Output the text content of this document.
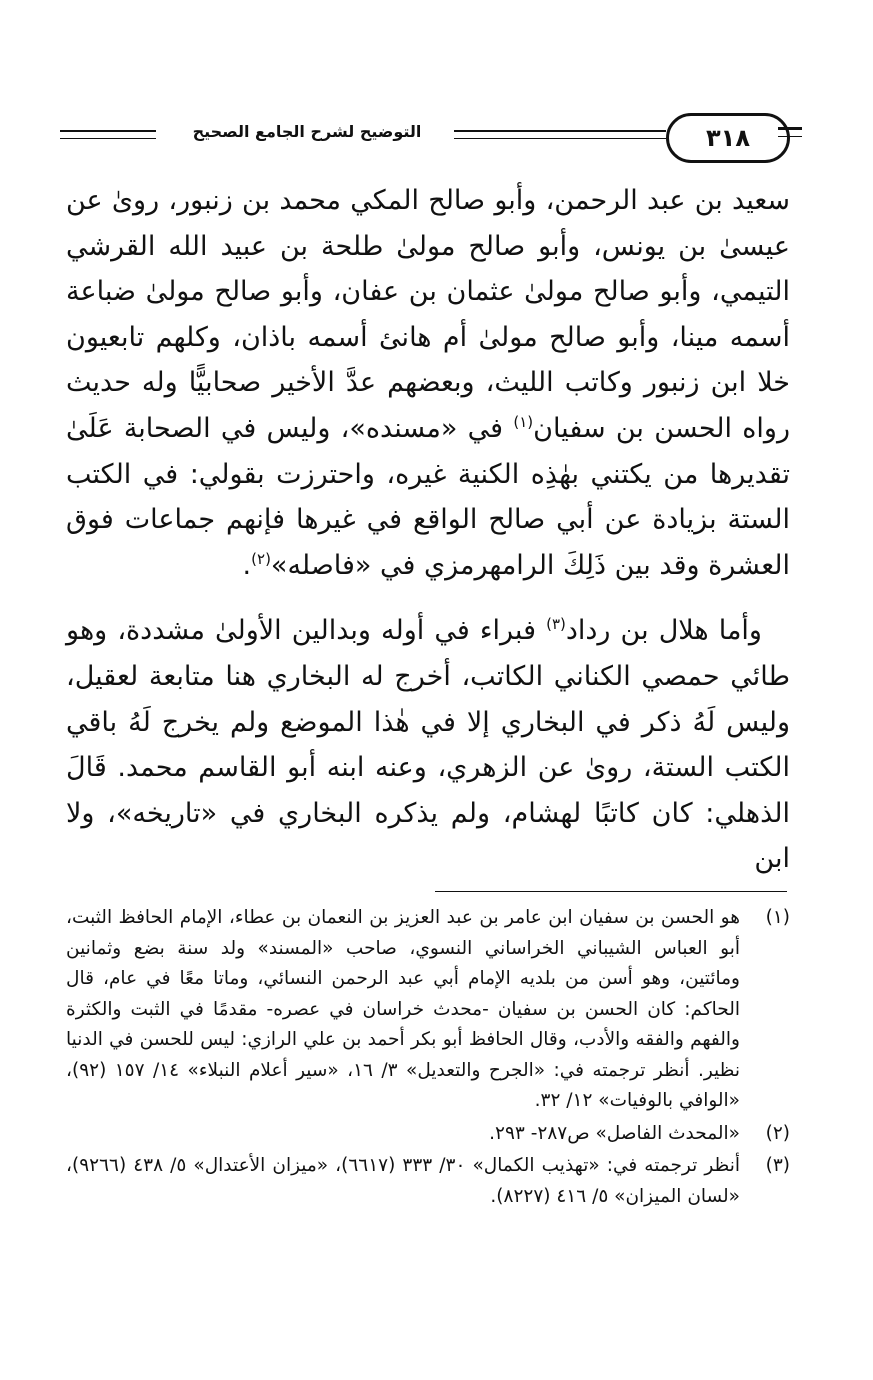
التوضيح لشرح الجامع الصحيح	٣١٨

سعيد بن عبد الرحمن، وأبو صالح المكي محمد بن زنبور، روىٰ عن عيسىٰ بن يونس، وأبو صالح مولىٰ طلحة بن عبيد الله القرشي التيمي، وأبو صالح مولىٰ عثمان بن عفان، وأبو صالح مولىٰ ضباعة أسمه مينا، وأبو صالح مولىٰ أم هانئ أسمه باذان، وكلهم تابعيون خلا ابن زنبور وكاتب الليث، وبعضهم عدَّ الأخير صحابيًّا وله حديث رواه الحسن بن سفيان$^{(١)}$ في «مسنده»، وليس في الصحابة عَلَىٰ تقديرها من يكتني بهٰذِه الكنية غيره، واحترزت بقولي: في الكتب الستة بزيادة عن أبي صالح الواقع في غيرها فإنهم جماعات فوق العشرة وقد بين ذَلِكَ الرامهرمزي في «فاصله»$^{(٢)}$.

وأما هلال بن رداد$^{(٣)}$ فبراء في أوله وبدالين الأولىٰ مشددة، وهو طائي حمصي الكناني الكاتب، أخرج له البخاري هنا متابعة لعقيل، وليس لَهُ ذكر في البخاري إلا في هٰذا الموضع ولم يخرج لَهُ باقي الكتب الستة، روىٰ عن الزهري، وعنه ابنه أبو القاسم محمد. قَالَ الذهلي: كان كاتبًا لهشام، ولم يذكره البخاري في «تاريخه»، ولا ابن

(١)
هو الحسن بن سفيان ابن عامر بن عبد العزيز بن النعمان بن عطاء، الإمام الحافظ الثبت، أبو العباس الشيباني الخراساني النسوي، صاحب «المسند» ولد سنة بضع وثمانين ومائتين، وهو أسن من بلديه الإمام أبي عبد الرحمن النسائي، وماتا معًا في عام، قال الحاكم: كان الحسن بن سفيان -محدث خراسان في عصره- مقدمًا في الثبت والكثرة والفهم والفقه والأدب، وقال الحافظ أبو بكر أحمد بن علي الرازي: ليس للحسن في الدنيا نظير. أنظر ترجمته في: «الجرح والتعديل» ٣/ ١٦، «سير أعلام النبلاء» ١٤/ ١٥٧ (٩٢)، «الوافي بالوفيات» ١٢/ ٣٢.

(٢)
«المحدث الفاصل» ص٢٨٧- ٢٩٣.

(٣)
أنظر ترجمته في: «تهذيب الكمال» ٣٠/ ٣٣٣ (٦٦١٧)، «ميزان الأعتدال» ٥/ ٤٣٨ (٩٢٦٦)، «لسان الميزان» ٥/ ٤١٦ (٨٢٢٧).
